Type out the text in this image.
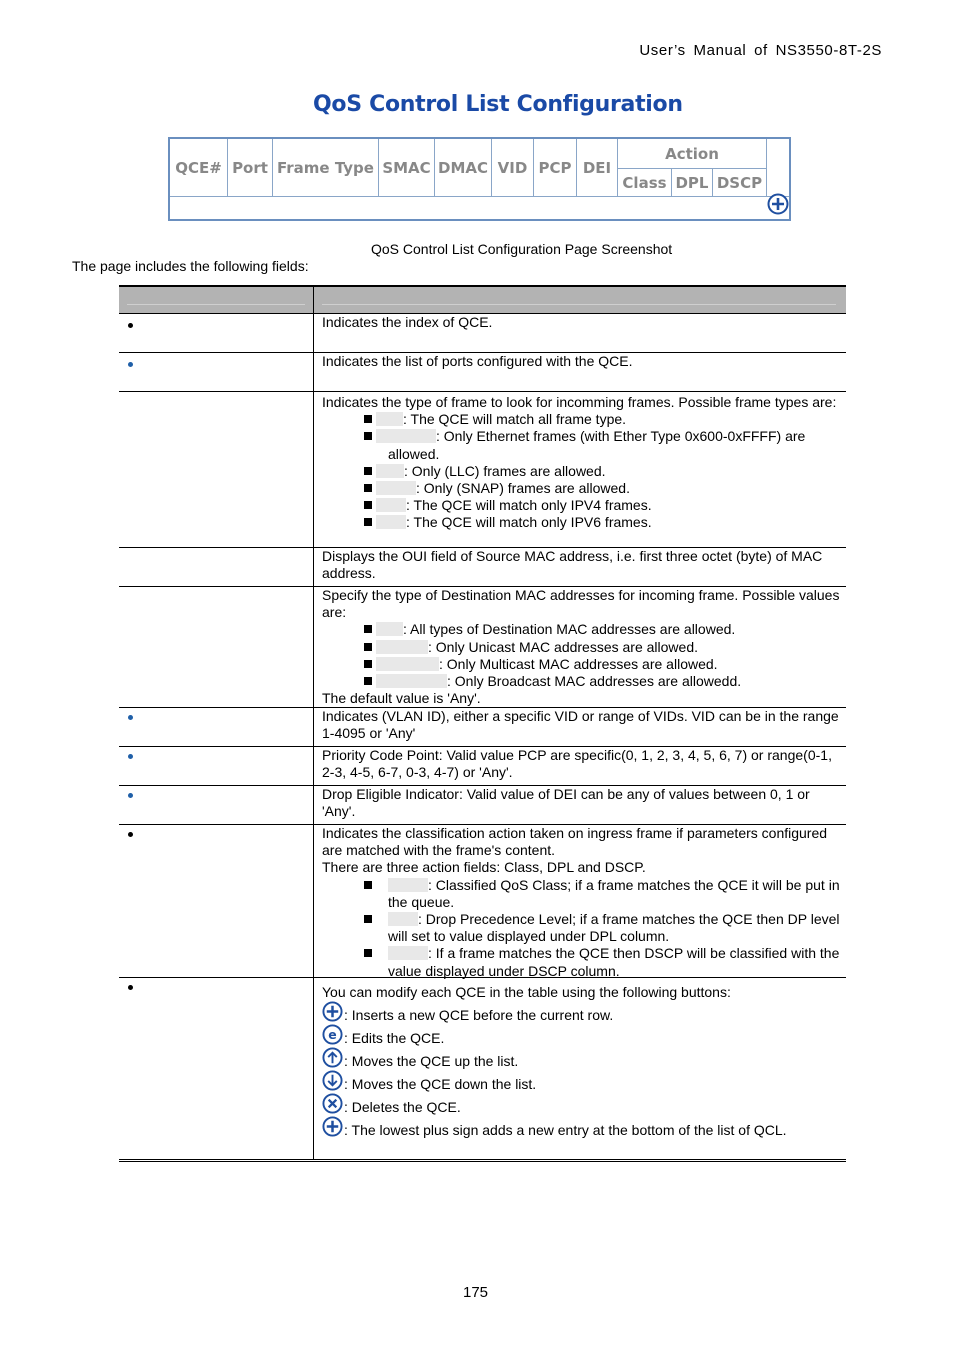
User’s Manual of NS3550-8T-2S
QoS Control List Configuration
QCE# Port Frame Type SMAC DMAC VID PCP DEI
Action
Class DPL DSCP
QoS Control List Configuration Page Screenshot
The page includes the following fields:
Indicates the index of QCE.
Indicates the list of ports configured with the QCE.
Indicates the type of frame to look for incomming frames. Possible frame types are:
: The QCE will match all frame type.
: Only Ethernet frames (with Ether Type 0x600-0xFFFF) are allowed.
: Only (LLC) frames are allowed.
: Only (SNAP) frames are allowed.
: The QCE will match only IPV4 frames.
: The QCE will match only IPV6 frames.
Displays the OUI field of Source MAC address, i.e. first three octet (byte) of MAC address.
Specify the type of Destination MAC addresses for incoming frame. Possible values are:
: All types of Destination MAC addresses are allowed.
: Only Unicast MAC addresses are allowed.
: Only Multicast MAC addresses are allowed.
: Only Broadcast MAC addresses are allowedd.
The default value is 'Any'.
Indicates (VLAN ID), either a specific VID or range of VIDs. VID can be in the range 1-4095 or 'Any'
Priority Code Point: Valid value PCP are specific(0, 1, 2, 3, 4, 5, 6, 7) or range(0-1, 2-3, 4-5, 6-7, 0-3, 4-7) or 'Any'.
Drop Eligible Indicator: Valid value of DEI can be any of values between 0, 1 or 'Any'.
Indicates the classification action taken on ingress frame if parameters configured are matched with the frame's content.
There are three action fields: Class, DPL and DSCP.
: Classified QoS Class; if a frame matches the QCE it will be put in the queue.
: Drop Precedence Level; if a frame matches the QCE then DP level will set to value displayed under DPL column.
: If a frame matches the QCE then DSCP will be classified with the value displayed under DSCP column.
You can modify each QCE in the table using the following buttons:
: Inserts a new QCE before the current row.
e : Edits the QCE.
: Moves the QCE up the list.
: Moves the QCE down the list.
: Deletes the QCE.
: The lowest plus sign adds a new entry at the bottom of the list of QCL.
175
